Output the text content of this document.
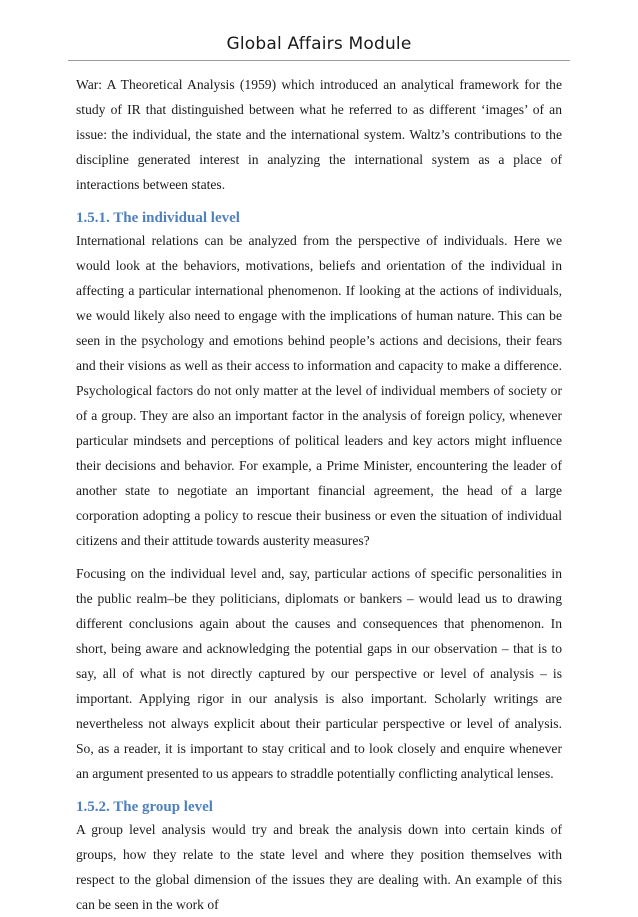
Global Affairs Module

War: A Theoretical Analysis (1959) which introduced an analytical framework for the study of IR that distinguished between what he referred to as different ‘images’ of an issue: the individual, the state and the international system. Waltz’s contributions to the discipline generated interest in analyzing the international system as a place of interactions between states.

1.5.1. The individual level

International relations can be analyzed from the perspective of individuals. Here we would look at the behaviors, motivations, beliefs and orientation of the individual in affecting a particular international phenomenon. If looking at the actions of individuals, we would likely also need to engage with the implications of human nature. This can be seen in the psychology and emotions behind people’s actions and decisions, their fears and their visions as well as their access to information and capacity to make a difference. Psychological factors do not only matter at the level of individual members of society or of a group. They are also an important factor in the analysis of foreign policy, whenever particular mindsets and perceptions of political leaders and key actors might influence their decisions and behavior. For example, a Prime Minister, encountering the leader of another state to negotiate an important financial agreement, the head of a large corporation adopting a policy to rescue their business or even the situation of individual citizens and their attitude towards austerity measures?

Focusing on the individual level and, say, particular actions of specific personalities in the public realm–be they politicians, diplomats or bankers – would lead us to drawing different conclusions again about the causes and consequences that phenomenon. In short, being aware and acknowledging the potential gaps in our observation – that is to say, all of what is not directly captured by our perspective or level of analysis – is important. Applying rigor in our analysis is also important. Scholarly writings are nevertheless not always explicit about their particular perspective or level of analysis. So, as a reader, it is important to stay critical and to look closely and enquire whenever an argument presented to us appears to straddle potentially conflicting analytical lenses.

1.5.2. The group level

A group level analysis would try and break the analysis down into certain kinds of groups, how they relate to the state level and where they position themselves with respect to the global dimension of the issues they are dealing with. An example of this can be seen in the work of
